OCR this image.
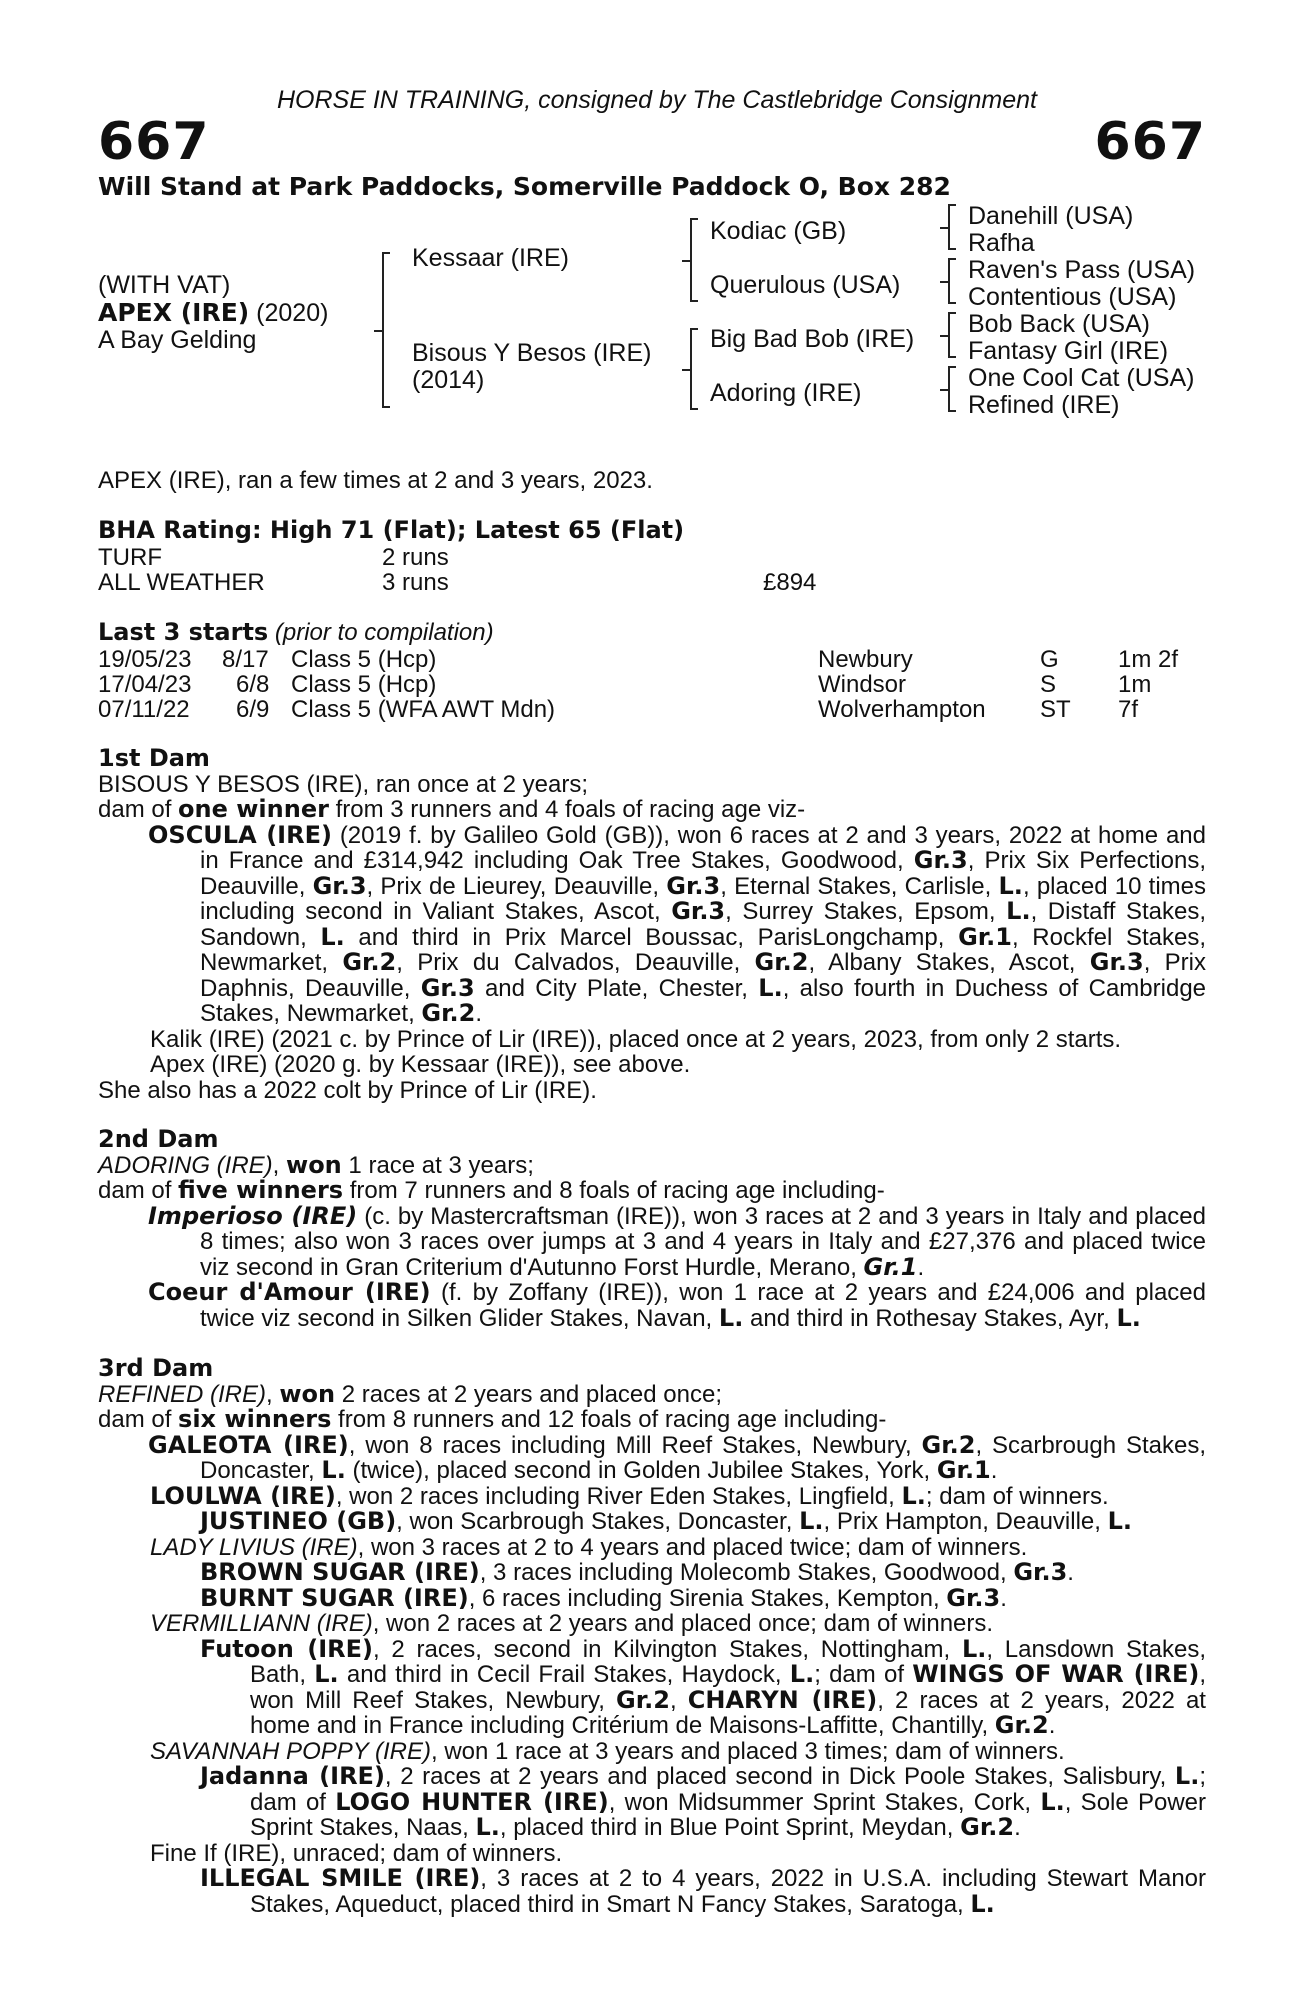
HORSE IN TRAINING, consigned by The Castlebridge Consignment
667	667
Will Stand at Park Paddocks, Somerville Paddock O, Box 282
(WITH VAT)
APEX (IRE) (2020)
A Bay Gelding
Kessaar (IRE)
Bisous Y Besos (IRE)
(2014)
Kodiac (GB)
Querulous (USA)
Big Bad Bob (IRE)
Adoring (IRE)
Danehill (USA)
Rafha
Raven's Pass (USA)
Contentious (USA)
Bob Back (USA)
Fantasy Girl (IRE)
One Cool Cat (USA)
Refined (IRE)
APEX (IRE), ran a few times at 2 and 3 years, 2023.
BHA Rating: High 71 (Flat); Latest 65 (Flat)
TURF	2 runs
ALL WEATHER	3 runs	£894
Last 3 starts (prior to compilation)
19/05/23 8/17 Class 5 (Hcp)	Newbury	G 1m 2f
17/04/23 6/8 Class 5 (Hcp)	Windsor	S	1m
07/11/22 6/9 Class 5 (WFA AWT Mdn)	Wolverhampton ST 7f

1st Dam

BISOUS Y BESOS (IRE), ran once at 2 years;

dam of one winner from 3 runners and 4 foals of racing age viz-

OSCULA (IRE) (2019 f. by Galileo Gold (GB)), won 6 races at 2 and 3 years, 2022 at home and in France and £314,942 including Oak Tree Stakes, Goodwood, Gr.3, Prix Six Perfections, Deauville, Gr.3, Prix de Lieurey, Deauville, Gr.3, Eternal Stakes, Carlisle, L., placed 10 times including second in Valiant Stakes, Ascot, Gr.3, Surrey Stakes, Epsom, L., Distaff Stakes, Sandown, L. and third in Prix Marcel Boussac, ParisLongchamp, Gr.1, Rockfel Stakes, Newmarket, Gr.2, Prix du Calvados, Deauville, Gr.2, Albany Stakes, Ascot, Gr.3, Prix Daphnis, Deauville, Gr.3 and City Plate, Chester, L., also fourth in Duchess of Cambridge Stakes, Newmarket, Gr.2.

Kalik (IRE) (2021 c. by Prince of Lir (IRE)), placed once at 2 years, 2023, from only 2 starts.

Apex (IRE) (2020 g. by Kessaar (IRE)), see above.

She also has a 2022 colt by Prince of Lir (IRE).

2nd Dam

ADORING (IRE), won 1 race at 3 years;

dam of five winners from 7 runners and 8 foals of racing age including-

Imperioso (IRE) (c. by Mastercraftsman (IRE)), won 3 races at 2 and 3 years in Italy and placed 8 times; also won 3 races over jumps at 3 and 4 years in Italy and £27,376 and placed twice viz second in Gran Criterium d'Autunno Forst Hurdle, Merano, Gr.1.

Coeur d'Amour (IRE) (f. by Zoffany (IRE)), won 1 race at 2 years and £24,006 and placed twice viz second in Silken Glider Stakes, Navan, L. and third in Rothesay Stakes, Ayr, L.

3rd Dam

REFINED (IRE), won 2 races at 2 years and placed once;

dam of six winners from 8 runners and 12 foals of racing age including-

GALEOTA (IRE), won 8 races including Mill Reef Stakes, Newbury, Gr.2, Scarbrough Stakes, Doncaster, L. (twice), placed second in Golden Jubilee Stakes, York, Gr.1.

LOULWA (IRE), won 2 races including River Eden Stakes, Lingfield, L.; dam of winners.

JUSTINEO (GB), won Scarbrough Stakes, Doncaster, L., Prix Hampton, Deauville, L.

LADY LIVIUS (IRE), won 3 races at 2 to 4 years and placed twice; dam of winners.

BROWN SUGAR (IRE), 3 races including Molecomb Stakes, Goodwood, Gr.3.

BURNT SUGAR (IRE), 6 races including Sirenia Stakes, Kempton, Gr.3.

VERMILLIANN (IRE), won 2 races at 2 years and placed once; dam of winners.

Futoon (IRE), 2 races, second in Kilvington Stakes, Nottingham, L., Lansdown Stakes, Bath, L. and third in Cecil Frail Stakes, Haydock, L.; dam of WINGS OF WAR (IRE), won Mill Reef Stakes, Newbury, Gr.2, CHARYN (IRE), 2 races at 2 years, 2022 at home and in France including Critérium de Maisons-Laffitte, Chantilly, Gr.2.

SAVANNAH POPPY (IRE), won 1 race at 3 years and placed 3 times; dam of winners.

Jadanna (IRE), 2 races at 2 years and placed second in Dick Poole Stakes, Salisbury, L.; dam of LOGO HUNTER (IRE), won Midsummer Sprint Stakes, Cork, L., Sole Power Sprint Stakes, Naas, L., placed third in Blue Point Sprint, Meydan, Gr.2.

Fine If (IRE), unraced; dam of winners.

ILLEGAL SMILE (IRE), 3 races at 2 to 4 years, 2022 in U.S.A. including Stewart Manor Stakes, Aqueduct, placed third in Smart N Fancy Stakes, Saratoga, L.
